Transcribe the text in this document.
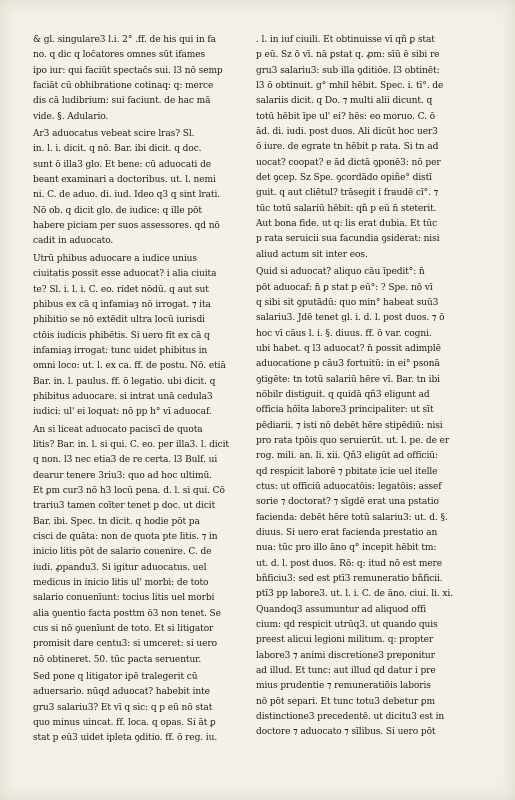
& gl. singulare3 l.i. 2° .ff. de his qui in fa
no. q dic q loc̄atores omnes sūt ifames
ipo iur: qui faciūt spectac̄s sui. l3 nō semp
faciāt cū obhibratione cotinaq: q: merce
dis cā ludibrium: sui faciunt. de hac mā
vide. §. Adulario.
Ar3 aduocatus vebeat scire lras? Sl.
in. l. i. dicit. q nō. Bar. ibi dicit. q doc.
sunt ō illa3 glo. Et bene: cū aduocati de
beant examinari a doctoribus. ut. l. nemi
ni. C. de aduo. di. iud. Ideo q3 q sint lrati.
Nō ob. q dicit glo. de iudice: q ille pōt
habere piciam per suos assessores. qd nō
cadit in aduocato.
Utrū phibus aduocare a iudice unius
ciuitatis possit esse aduocat? i alia ciuita
te? Sl. i. l. i. C. eo. ridet nōdū. q aut sut
phibus ex cā q infamiaȝ nō irrogat. ⁊ ita
phibitio se nō extēdit ultra locū iurisdi
ctōis iudicis phibētis. Si uero fit ex cā q
infamiaȝ irrogat: tunc uidet phibitus in
omni loco: ut. l. ex ca. ff. de postu. Nō. etiā
Bar. in. l. paulus. ff. ō legatio. ubi dicit. q
phibitus aduocare. si intrat unā cedula3
iudici: ul' ei loquat: nō pp h° vī aduocaf.
An si liceat aduocato paciscī de quota
litis? Bar. in. l. si qui. C. eo. per illa3. l. dicit
q non. l3 nec etia3 de re certa. l3 Bulf. ui
dearur tenere 3riu3: quo ad hoc ultimū.
Et ꝑm cur3 nō h3 locū pena. d. l. si qui. Cō
trariu3 tamen coīter tenet p doc. ut dicit
Bar. ibi. Spec. tn dicit. q hodie pōt pa
cisci de quāta: non de quota pte litis. ⁊ in
inicio litis pōt de salario couenire. C. de
iudi. ꝓpandu3. Si igitur aduocatus. uel
medicus in inicio litis ul' morbi: de toto
salario conuenīunt: tocius litis uel morbi
alia ꝯuentio facta posttm ō3 non tenet. Se
cus si nō ꝯuenīunt de toto. Et si litigator
promisit dare centu3: si umceret: si uero
nō obtineret. 50. tūc pacta seruentur.
Sed pone q litigator ipē tralegerit cū
aduersario. nūqd aduocat? habebit inte
gru3 salariu3? Et vī q sic: q p eū nō stat
quo minus uincat. ff. loca. q opas. Si āt ꝑ
stat p eū3 uidet ipleta ꝯditio. ff. ō reg. iu.
. l. in iuf ciuili. Et obtinuisse vī qñ ꝑ stat
p eū. Sz ō vī. nā ꝑstat q. ꝓm: sīū ē sibi re
gru3 salariu3: sub illa ꝯditiōe. l3 obtinēt:
l3 ō obtinuit. g° mhil hēbit. Spec. i. tī°. de
salariis dicit. q Do. ⁊ multi alii dicunt. q
totū hēbit īpe ul' ei? hēs: eo moruo. C. ō
ād. di. iudi. post duos. Ali dicūt hoc uer3
ō iure. de egrate tn hēbit p rata. Si tn ad
uocat? coopat? e ād dictā ꝯponē3: nō per
det ꝯcep. Sz Spe. ꝯcordādo opiñe° distī
guit. q aut cliētul? trāsegit i fraudē cī°. ⁊
tūc totū salariū hēbit: qñ p eū n̄ steterit.
Aut bona fide. ut q: lis erat dubia. Et tūc
p rata seruicii sua facundia ꝯsiderat: nisi
aliud actum sit inter eos.
Quid si aduocat? aliquo cāu īpedit°: n̄
pōt aduocaf: n̄ ꝑ stat p eū°: ? Spe. nō vī
q sibi sit ꝯputādū: quo min° habeat suū3
salariu3. Jdē tenet gl. i. d. l. post duos. ⁊ ō
hoc vī cāus l. i. §. diuus. ff. ō var. cogni.
ubi habet. q l3 aduocat? n̄ possit adimplē
aduocatione p cāu3 fortuitū: in ei° psonā
ꝯtigēte: tn totū salariū hēre vī. Bar. tn ibi
nōbilr distiguit. q quidā qñ3 eligunt ad
officia hōīta labore3 principaliter: ut sīt
pēdiarii. ⁊ isti nō debēt hēre stipēdiū: nisi
pro rata tpōis quo seruierūt. ut. l. pe. de er
rog. mili. an. li. xii. Qñ3 eligūt ad officiū:
qd respicit laborē ⁊ pbitate icie uel itelle
ctus: ut officiū aduocatōis: legatōis: assef
sorie ⁊ doctorat? ⁊ sīgdē erat una pstatio
facienda: debēt hēre totū salariu3: ut. d. §.
diuus. Si uero erat facienda prestatio an
nua: tūc pro illo āno q° incepit hēbit tm:
ut. d. l. post duos. Rō: q: itud nō est mere
bñficiu3: sed est ptī3 remuneratio bñficii.
ptī3 pp labore3. ut. l. i. C. de āno. ciui. li. xi.
Quandoq3 assumuntur ad aliquod offi
cium: qd respicit utrūq3. ut quando quis
preest alicui legioni militum. q: propter
labore3 ⁊ animi discretione3 preponitur
ad illud. Et tunc: aut illud qd datur i pre
mius prudentie ⁊ remuneratiōis laboris
nō pōt separi. Et tunc totu3 debetur ꝑm
distinctione3 precedentē. ut dicitu3 est in
doctore ⁊ aduocato ⁊ sīlibus. Si uero pōt
